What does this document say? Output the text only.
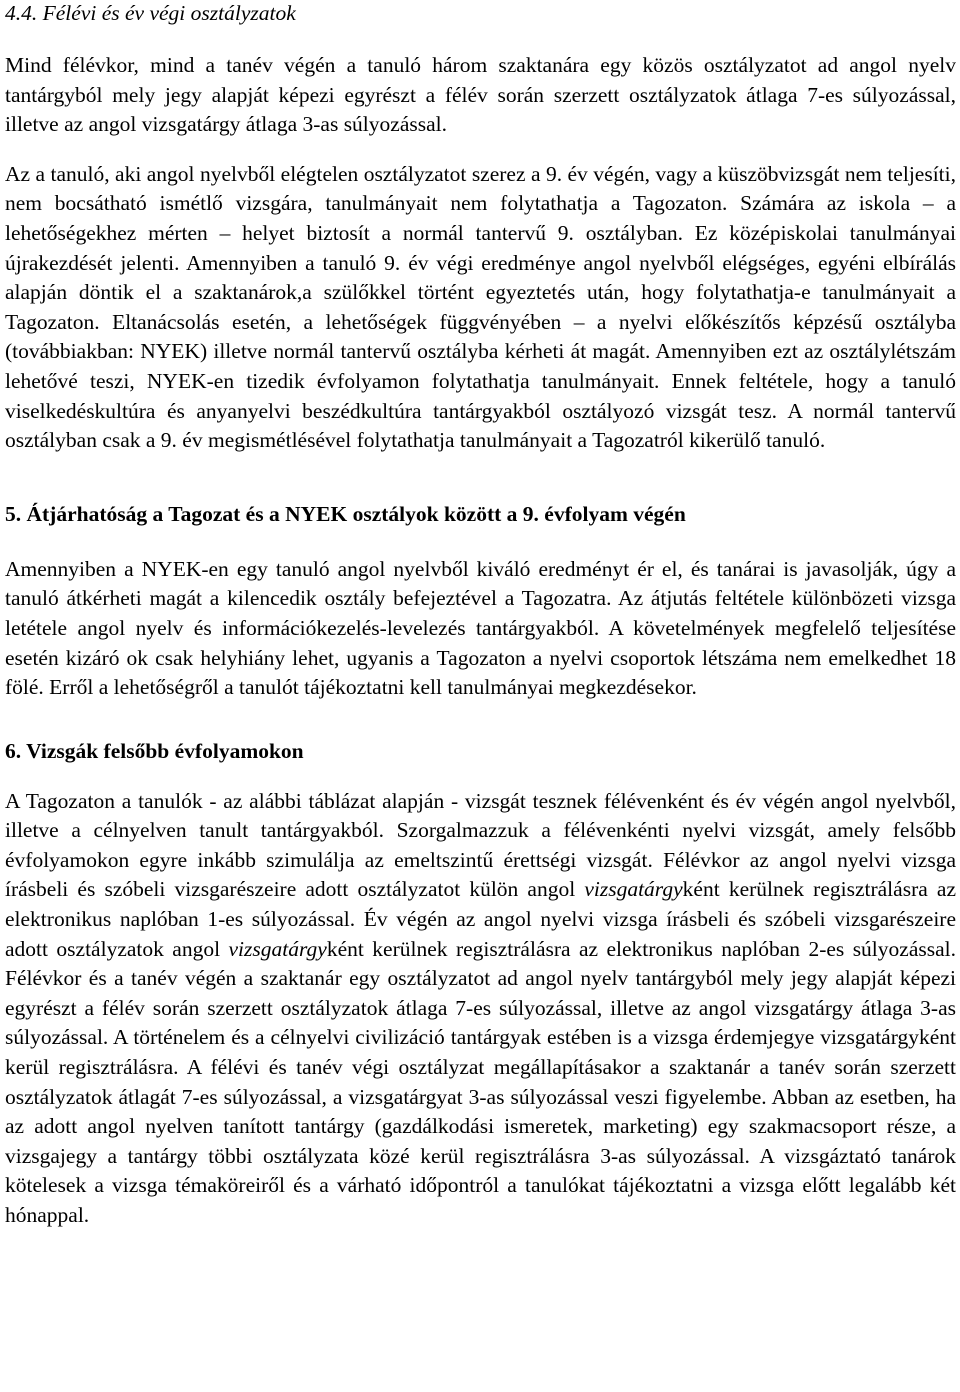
4.4. Félévi és év végi osztályzatok

Mind félévkor, mind a tanév végén a tanuló három szaktanára egy közös osztályzatot ad angol nyelv tantárgyból mely jegy alapját képezi egyrészt a félév során szerzett osztályzatok átlaga 7-es súlyozással, illetve az angol vizsgatárgy átlaga 3-as súlyozással.

Az a tanuló, aki angol nyelvből elégtelen osztályzatot szerez a 9. év végén, vagy a küszöbvizsgát nem teljesíti, nem bocsátható ismétlő vizsgára, tanulmányait nem folytathatja a Tagozaton. Számára az iskola – a lehetőségekhez mérten – helyet biztosít a normál tantervű 9. osztályban. Ez középiskolai tanulmányai újrakezdését jelenti. Amennyiben a tanuló 9. év végi eredménye angol nyelvből elégséges, egyéni elbírálás alapján döntik el a szaktanárok,a szülőkkel történt egyeztetés után, hogy folytathatja-e tanulmányait a Tagozaton. Eltanácsolás esetén, a lehetőségek függvényében – a nyelvi előkészítős képzésű osztályba (továbbiakban: NYEK) illetve normál tantervű osztályba kérheti át magát. Amennyiben ezt az osztálylétszám lehetővé teszi, NYEK-en tizedik évfolyamon folytathatja tanulmányait. Ennek feltétele, hogy a tanuló viselkedéskultúra és anyanyelvi beszédkultúra tantárgyakból osztályozó vizsgát tesz. A normál tantervű osztályban csak a 9. év megismétlésével folytathatja tanulmányait a Tagozatról kikerülő tanuló.

5. Átjárhatóság a Tagozat és a NYEK osztályok között a 9. évfolyam végén

Amennyiben a NYEK-en egy tanuló angol nyelvből kiváló eredményt ér el, és tanárai is javasolják, úgy a tanuló átkérheti magát a kilencedik osztály befejeztével a Tagozatra. Az átjutás feltétele különbözeti vizsga letétele angol nyelv és információkezelés-levelezés tantárgyakból. A követelmények megfelelő teljesítése esetén kizáró ok csak helyhiány lehet, ugyanis a Tagozaton a nyelvi csoportok létszáma nem emelkedhet 18 fölé. Erről a lehetőségről a tanulót tájékoztatni kell tanulmányai megkezdésekor.

6. Vizsgák felsőbb évfolyamokon

A Tagozaton a tanulók - az alábbi táblázat alapján - vizsgát tesznek félévenként és év végén angol nyelvből, illetve a célnyelven tanult tantárgyakból. Szorgalmazzuk a félévenkénti nyelvi vizsgát, amely felsőbb évfolyamokon egyre inkább szimulálja az emeltszintű érettségi vizsgát. Félévkor az angol nyelvi vizsga írásbeli és szóbeli vizsgarészeire adott osztályzatot külön angol vizsgatárgyként kerülnek regisztrálásra az elektronikus naplóban 1-es súlyozással. Év végén az angol nyelvi vizsga írásbeli és szóbeli vizsgarészeire adott osztályzatok angol vizsgatárgyként kerülnek regisztrálásra az elektronikus naplóban 2-es súlyozással. Félévkor és a tanév végén a szaktanár egy osztályzatot ad angol nyelv tantárgyból mely jegy alapját képezi egyrészt a félév során szerzett osztályzatok átlaga 7-es súlyozással, illetve az angol vizsgatárgy átlaga 3-as súlyozással. A történelem és a célnyelvi civilizáció tantárgyak estében is a vizsga érdemjegye vizsgatárgyként kerül regisztrálásra. A félévi és tanév végi osztályzat megállapításakor a szaktanár a tanév során szerzett osztályzatok átlagát 7-es súlyozással, a vizsgatárgyat 3-as súlyozással veszi figyelembe. Abban az esetben, ha az adott angol nyelven tanított tantárgy (gazdálkodási ismeretek, marketing) egy szakmacsoport része, a vizsgajegy a tantárgy többi osztályzata közé kerül regisztrálásra 3-as súlyozással. A vizsgáztató tanárok kötelesek a vizsga témaköreiről és a várható időpontról a tanulókat tájékoztatni a vizsga előtt legalább két hónappal.
